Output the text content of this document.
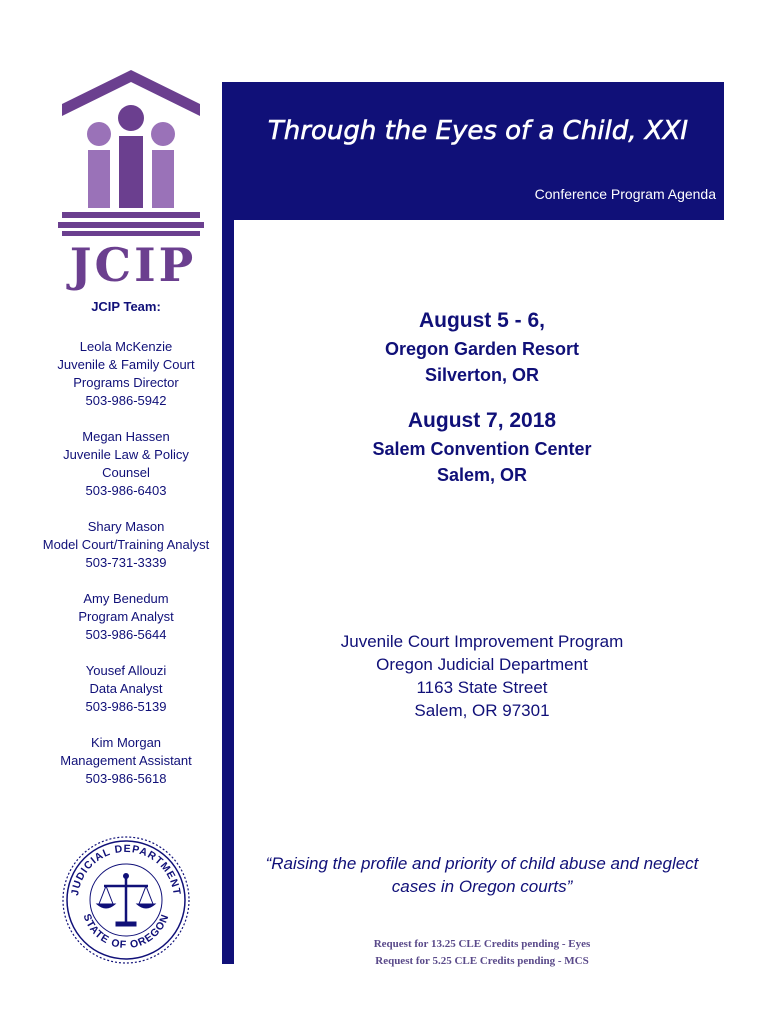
JCIP
Through the Eyes of a Child, XXI
Conference Program Agenda
JCIP Team:
Leola McKenzie
Juvenile & Family Court
Programs Director
503-986-5942
Megan Hassen
Juvenile Law & Policy
Counsel
503-986-6403
Shary Mason
Model Court/Training Analyst
503-731-3339
Amy Benedum
Program Analyst
503-986-5644
Yousef Allouzi
Data Analyst
503-986-5139
Kim Morgan
Management Assistant
503-986-5618
August 5 - 6,
Oregon Garden Resort
Silverton, OR
August 7, 2018
Salem Convention Center
Salem, OR
Juvenile Court Improvement Program
Oregon Judicial Department
1163 State Street
Salem, OR 97301
“Raising the profile and priority of child abuse and neglect
cases in Oregon courts”
Request for 13.25 CLE Credits pending - Eyes
Request for 5.25 CLE Credits pending - MCS
JUDICIAL DEPARTMENT
STATE OF OREGON
